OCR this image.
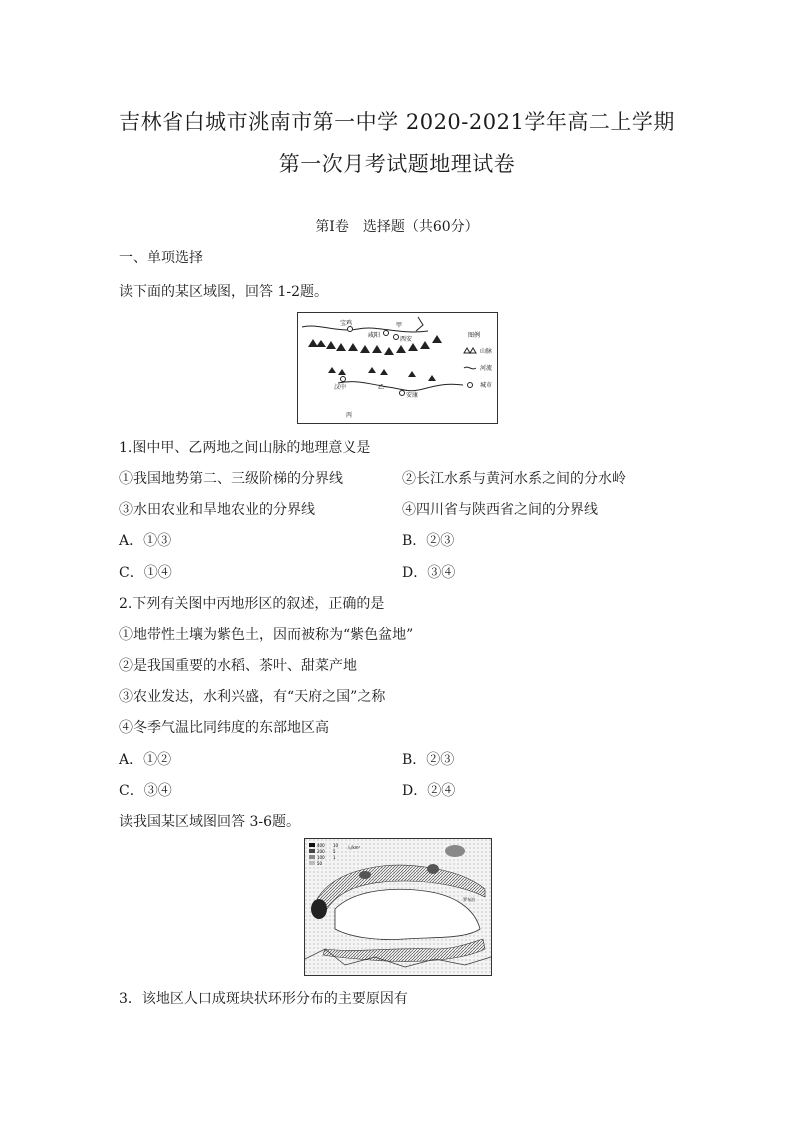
吉林省白城市洮南市第一中学 2020-2021学年高二上学期
第一次月考试题地理试卷
第Ⅰ卷　选择题（共60分）
一、单项选择
读下面的某区域图，回答 1-2题。
宝鸡
咸阳
西安
汉中
安康
甲
乙
丙
图例
山脉
河流
城市
1.图中甲、乙两地之间山脉的地理意义是
①我国地势第二、三级阶梯的分界线	②长江水系与黄河水系之间的分水岭
③水田农业和旱地农业的分界线	④四川省与陕西省之间的分界线
A．①③	B．②③
C．①④	D．③④
2.下列有关图中丙地形区的叙述，正确的是
①地带性土壤为紫色土，因而被称为“紫色盆地”
②是我国重要的水稻、茶叶、甜菜产地
③农业发达，水利兴盛，有“天府之国”之称
④冬季气温比同纬度的东部地区高
A．①②	B．②③
C．③④	D．②④
读我国某区域图回答 3-6题。
400
200
100
50
10
5
1
人/km²
罗布泊
3．该地区人口成斑块状环形分布的主要原因有
